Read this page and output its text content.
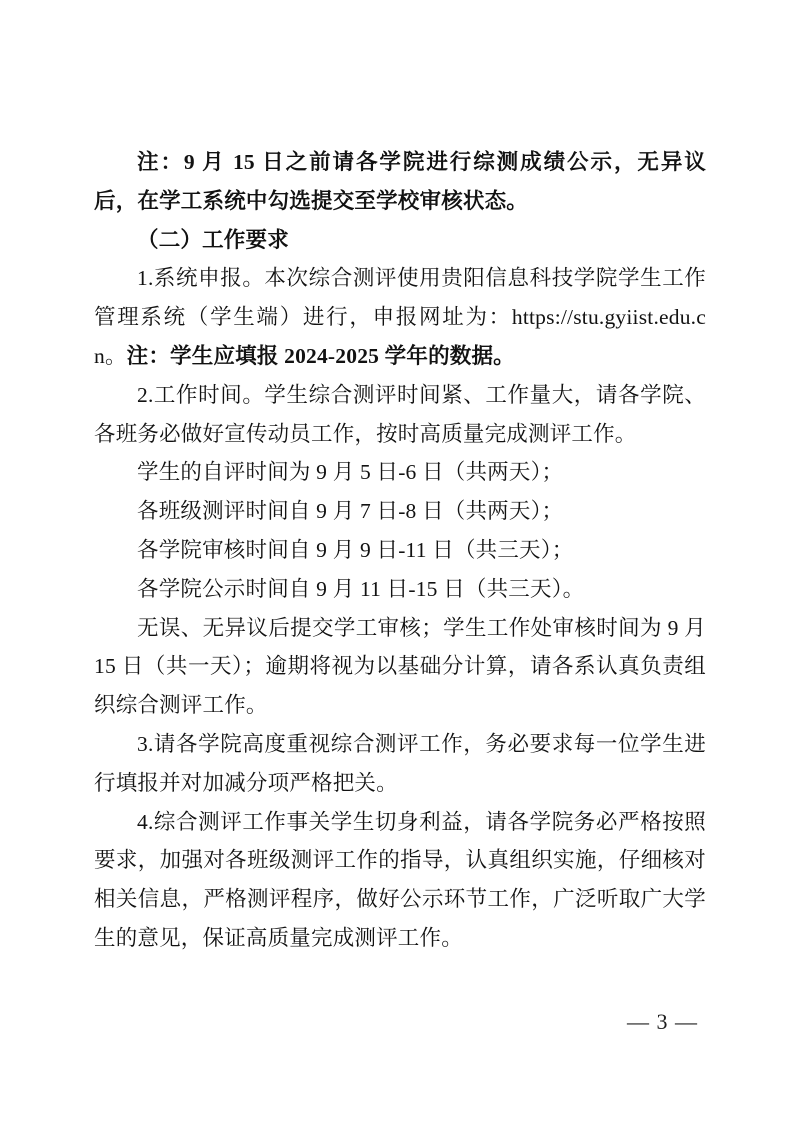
注：9 月 15 日之前请各学院进行综测成绩公示，无异议后，在学工系统中勾选提交至学校审核状态。

（二）工作要求

1.系统申报。本次综合测评使用贵阳信息科技学院学生工作管理系统（学生端）进行，申报网址为：https://stu.gyiist.edu.cn。注：学生应填报 2024-2025 学年的数据。

2.工作时间。学生综合测评时间紧、工作量大，请各学院、各班务必做好宣传动员工作，按时高质量完成测评工作。

学生的自评时间为 9 月 5 日-6 日（共两天）；

各班级测评时间自 9 月 7 日-8 日（共两天）；

各学院审核时间自 9 月 9 日-11 日（共三天）；

各学院公示时间自 9 月 11 日-15 日（共三天）。

无误、无异议后提交学工审核；学生工作处审核时间为 9 月 15 日（共一天）；逾期将视为以基础分计算，请各系认真负责组织综合测评工作。

3.请各学院高度重视综合测评工作，务必要求每一位学生进行填报并对加减分项严格把关。

4.综合测评工作事关学生切身利益，请各学院务必严格按照要求，加强对各班级测评工作的指导，认真组织实施，仔细核对相关信息，严格测评程序，做好公示环节工作，广泛听取广大学生的意见，保证高质量完成测评工作。

— 3 —
